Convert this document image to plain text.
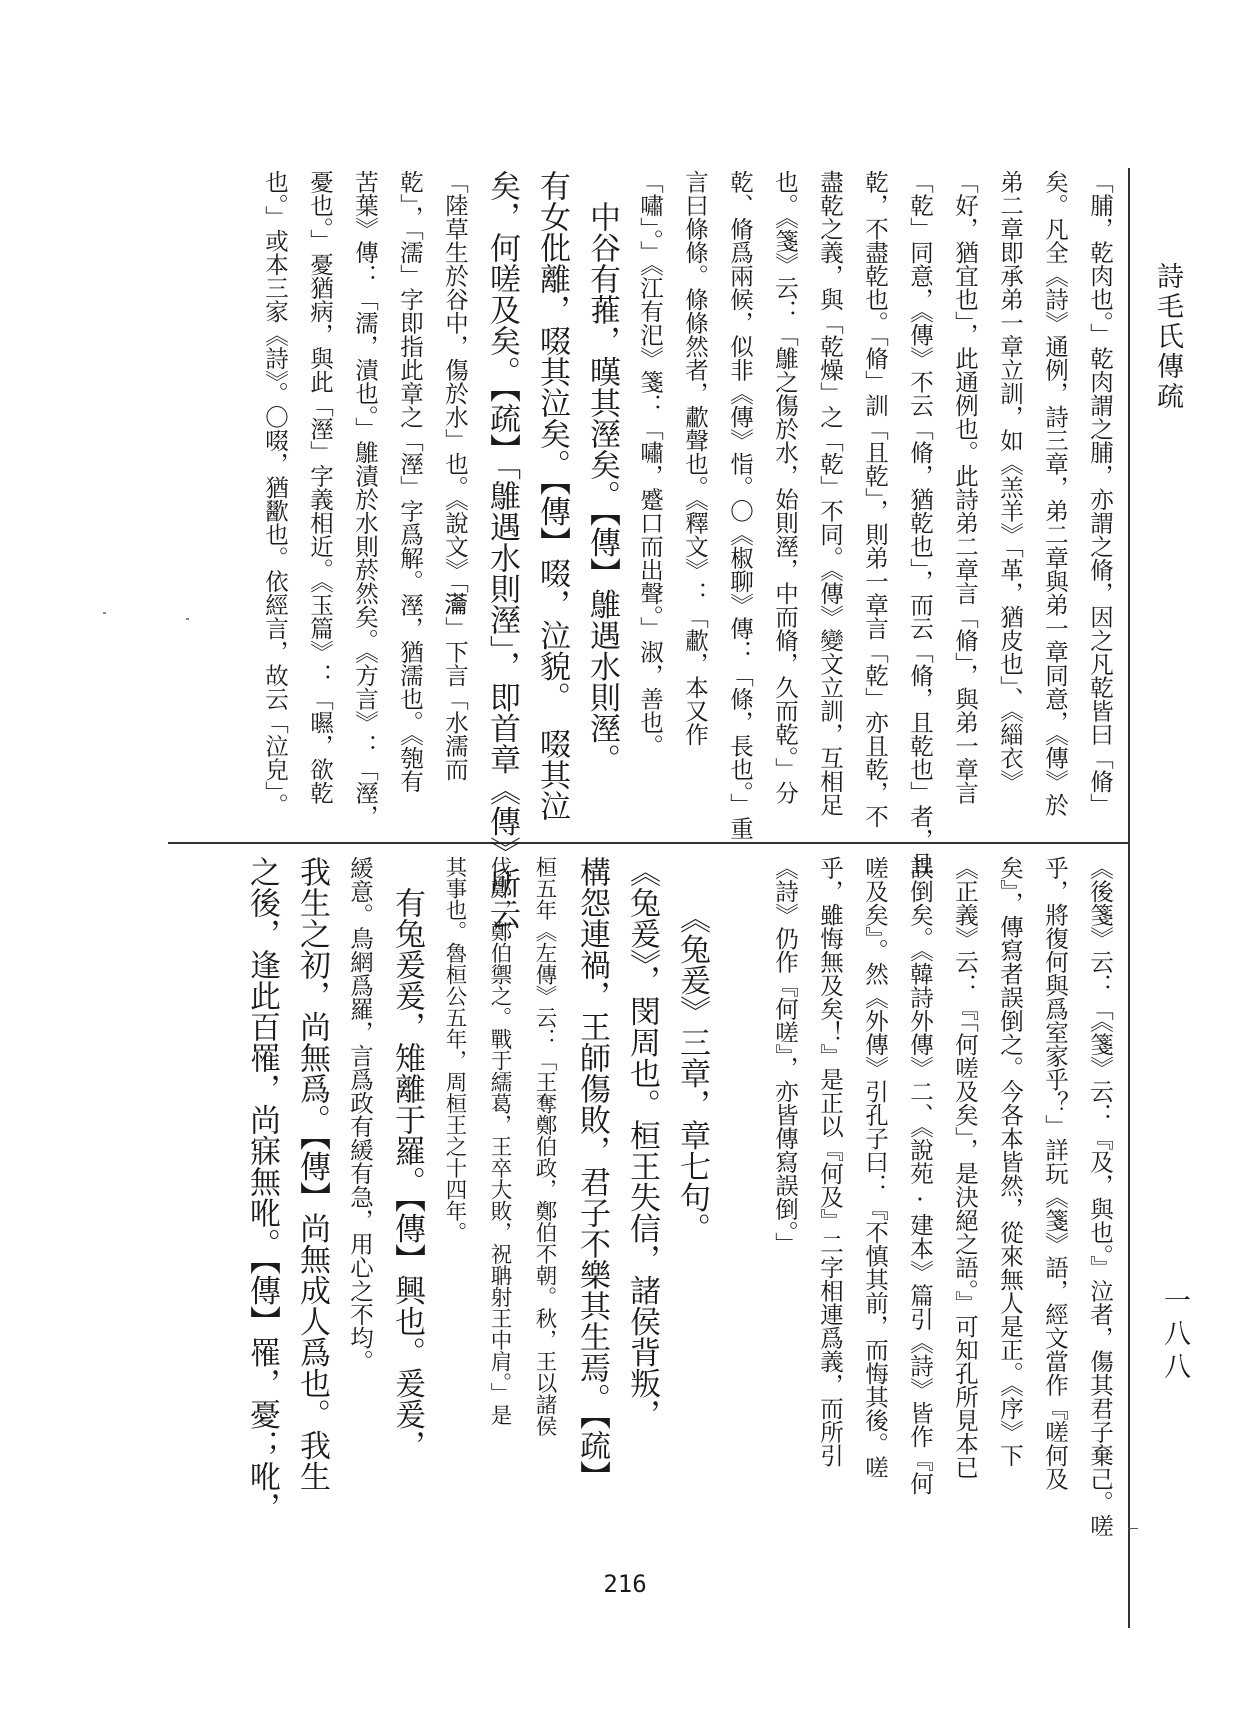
詩毛氏傳疏
一八八
「脯，乾肉也。」乾肉謂之脯，亦謂之脩，因之凡乾皆曰「脩」
矣。凡全《詩》通例，詩三章，弟二章與弟一章同意，《傳》於
弟二章即承弟一章立訓，如《羔羊》「革，猶皮也」、《緇衣》
「好，猶宜也」，此通例也。此詩弟二章言「脩」，與弟一章言
「乾」同意，《傳》不云「脩，猶乾也」，而云「脩，且乾也」者，且
乾，不盡乾也。「脩」訓「且乾」，則弟一章言「乾」亦且乾，不
盡乾之義，與「乾燥」之「乾」不同。《傳》變文立訓，互相足
也。《箋》云：「鵻之傷於水，始則溼，中而脩，久而乾。」分
乾、脩爲兩候，似非《傳》恉。〇《椒聊》傳：「條，長也。」重
言曰條條。條條然者，歗聲也。《釋文》：「歗，本又作
「嘯」。」《江有汜》箋：「嘯，蹙口而出聲。」淑，善也。
　中谷有蓷，暵其溼矣。【傳】鵻遇水則溼。
有女仳離，啜其泣矣。【傳】啜，泣貌。　啜其泣
矣，何嗟及矣。【疏】「鵻遇水則溼」，即首章《傳》所云
「陸草生於谷中，傷於水」也。《說文》「𤅢」下言「水濡而
乾」，「濡」字即指此章之「溼」字爲解。溼，猶濡也。《匏有
苦葉》傳：「濡，漬也。」鵻漬於水則菸然矣。《方言》：「溼，
憂也。」憂猶病，與此「溼」字義相近。《玉篇》：「㬤，欲乾
也。」或本三家《詩》。〇啜，猶歠也。依經言，故云「泣皃」。
《後箋》云：「《箋》云：『及，與也。』泣者，傷其君子棄己。嗟
乎，將復何與爲室家乎？」詳玩《箋》語，經文當作『嗟何及
矣』，傳寫者誤倒之。今各本皆然，從來無人是正。《序》下
《正義》云：『「何嗟及矣」，是決絕之語。』可知孔所見本已
誤倒矣。《韓詩外傳》二、《說苑·建本》篇引《詩》皆作『何
嗟及矣』。然《外傳》引孔子曰：『不慎其前，而悔其後。嗟
乎，雖悔無及矣！』是正以『何及』二字相連爲義，而所引
《詩》仍作『何嗟』，亦皆傳寫誤倒。」
　　《兔爰》三章，章七句。
《兔爰》，閔周也。桓王失信，諸侯背叛，
構怨連禍，王師傷敗，君子不樂其生焉。【疏】
桓五年《左傳》云：「王奪鄭伯政，鄭伯不朝。秋，王以諸侯
伐鄭，鄭伯禦之。戰于繻葛，王卒大敗，祝聃射王中肩。」是
其事也。魯桓公五年，周桓王之十四年。
　有兔爰爰，雉離于羅。【傳】興也。爰爰，
緩意。鳥網爲羅，言爲政有緩有急，用心之不均。
我生之初，尚無爲。【傳】尚無成人爲也。我生
之後，逢此百罹，尚寐無吪。【傳】罹，憂；吪，
216
